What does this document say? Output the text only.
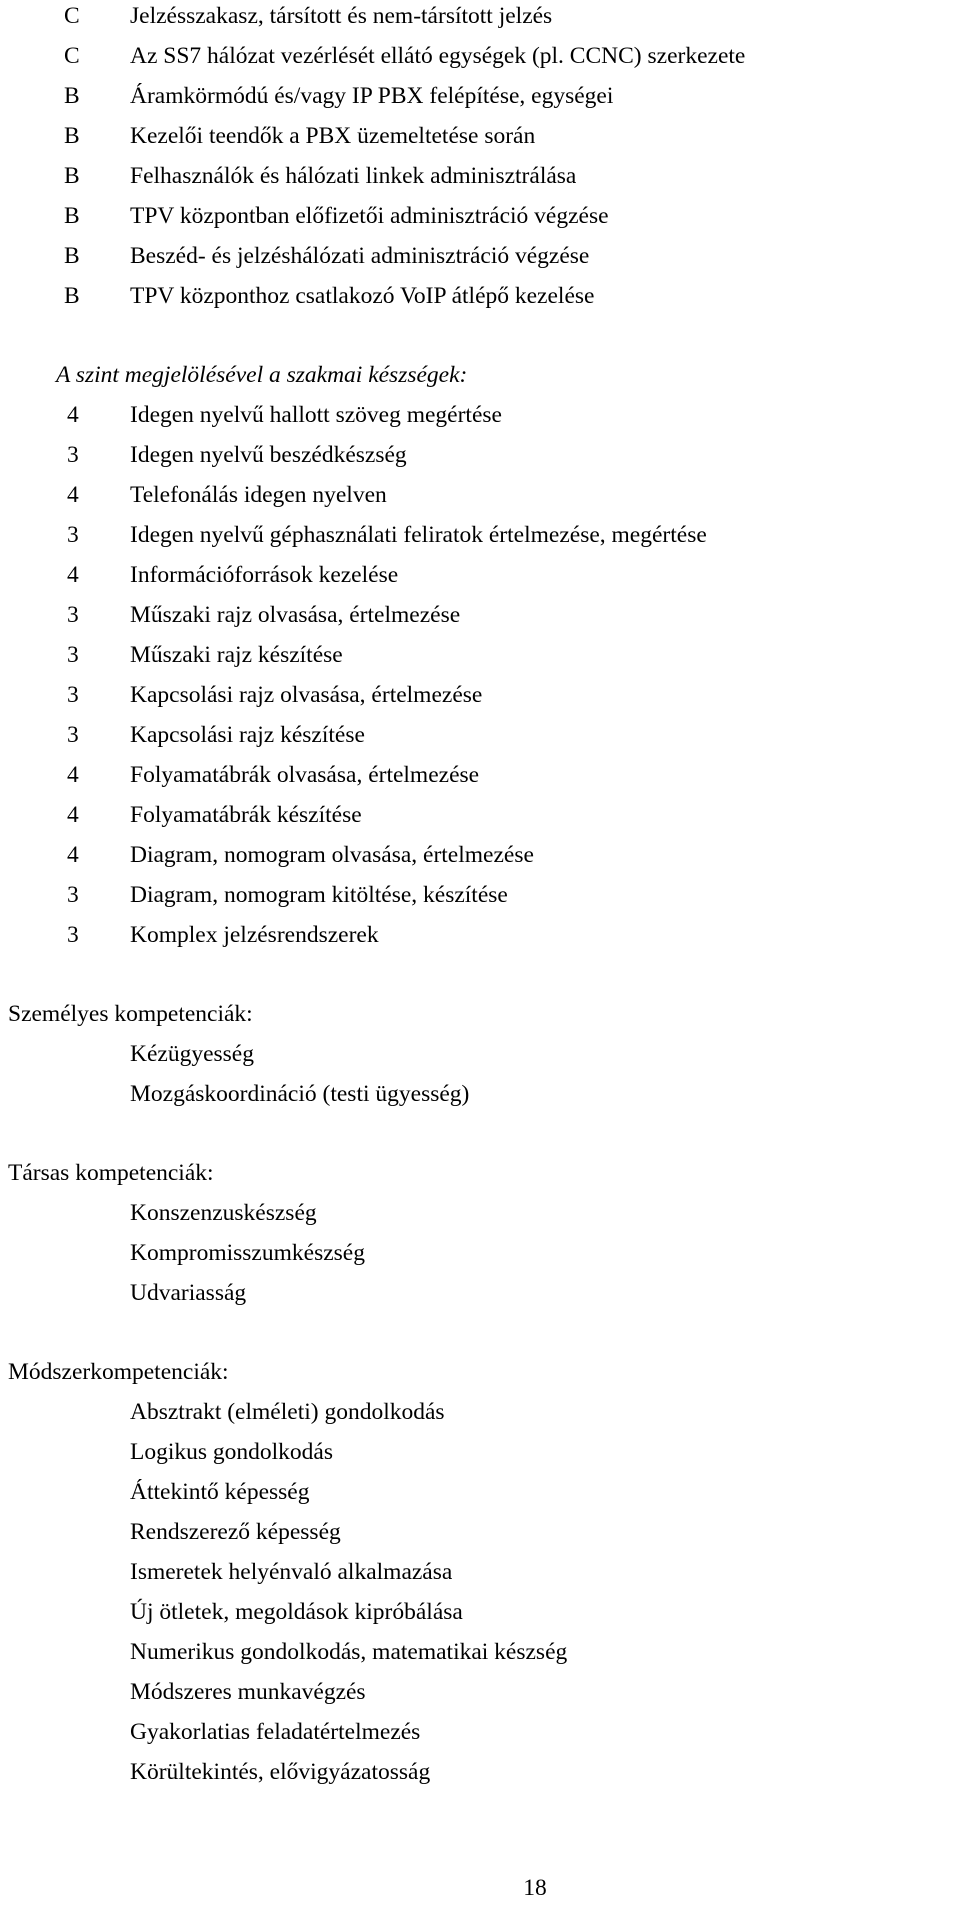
C Jelzésszakasz, társított és nem-társított jelzés
C Az SS7 hálózat vezérlését ellátó egységek (pl. CCNC) szerkezete
B Áramkörmódú és/vagy IP PBX felépítése, egységei
B Kezelői teendők a PBX üzemeltetése során
B Felhasználók és hálózati linkek adminisztrálása
B TPV központban előfizetői adminisztráció végzése
B Beszéd- és jelzéshálózati adminisztráció végzése
B TPV központhoz csatlakozó VoIP átlépő kezelése
A szint megjelölésével a szakmai készségek:
4 Idegen nyelvű hallott szöveg megértése
3 Idegen nyelvű beszédkészség
4 Telefonálás idegen nyelven
3 Idegen nyelvű géphasználati feliratok értelmezése, megértése
4 Információforrások kezelése
3 Műszaki rajz olvasása, értelmezése
3 Műszaki rajz készítése
3 Kapcsolási rajz olvasása, értelmezése
3 Kapcsolási rajz készítése
4 Folyamatábrák olvasása, értelmezése
4 Folyamatábrák készítése
4 Diagram, nomogram olvasása, értelmezése
3 Diagram, nomogram kitöltése, készítése
3 Komplex jelzésrendszerek
Személyes kompetenciák:
Kézügyesség
Mozgáskoordináció (testi ügyesség)
Társas kompetenciák:
Konszenzuskészség
Kompromisszumkészség
Udvariasság
Módszerkompetenciák:
Absztrakt (elméleti) gondolkodás
Logikus gondolkodás
Áttekintő képesség
Rendszerező képesség
Ismeretek helyénvaló alkalmazása
Új ötletek, megoldások kipróbálása
Numerikus gondolkodás, matematikai készség
Módszeres munkavégzés
Gyakorlatias feladatértelmezés
Körültekintés, elővigyázatosság
18
